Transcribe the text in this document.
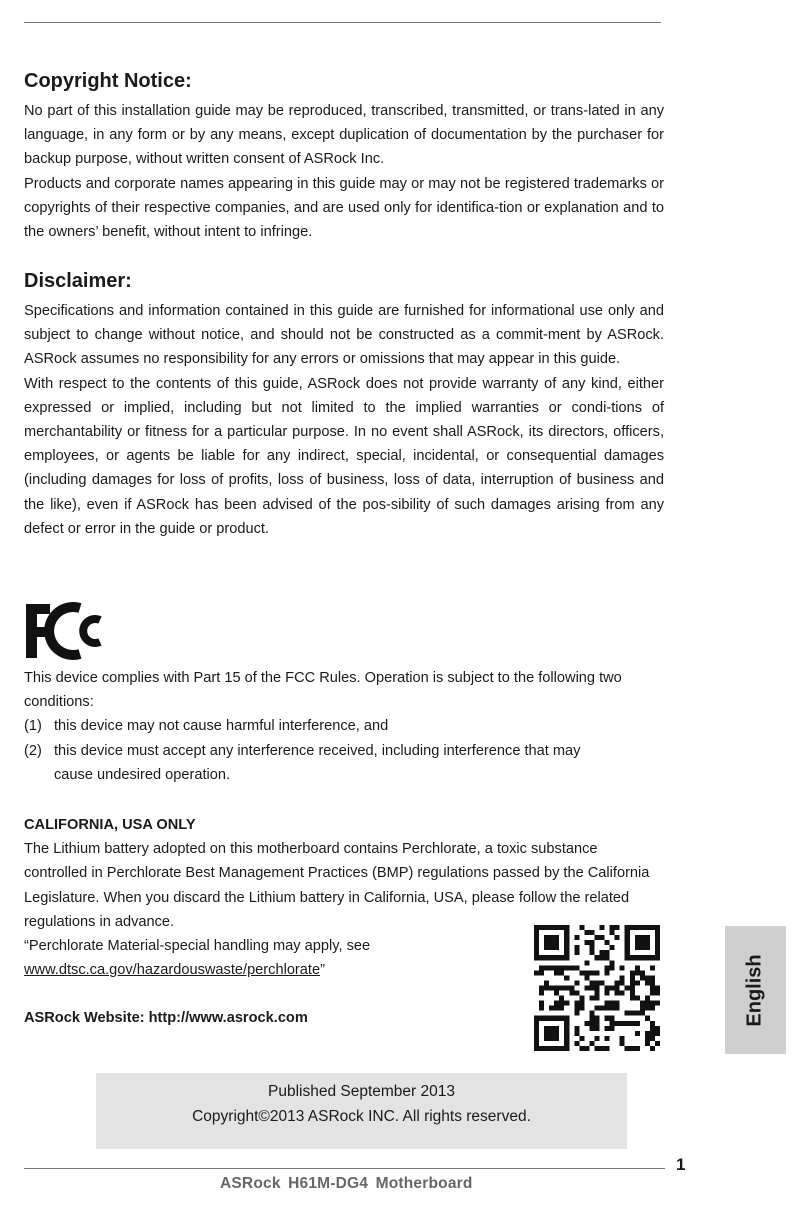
Copyright Notice:

No part of this installation guide may be reproduced, transcribed, transmitted, or trans-lated in any language, in any form or by any means, except duplication of documentation by the purchaser for backup purpose, without written consent of ASRock Inc.

Products and corporate names appearing in this guide may or may not be registered trademarks or copyrights of their respective companies, and are used only for identifica-tion or explanation and to the owners’ benefit, without intent to infringe.

Disclaimer:

Specifications and information contained in this guide are furnished for informational use only and subject to change without notice, and should not be constructed as a commit-ment by ASRock. ASRock assumes no responsibility for any errors or omissions that may appear in this guide.

With respect to the contents of this guide, ASRock does not provide warranty of any kind, either expressed or implied, including but not limited to the implied warranties or condi-tions of merchantability or fitness for a particular purpose. In no event shall ASRock, its directors, officers, employees, or agents be liable for any indirect, special, incidental, or consequential damages (including damages for loss of profits, loss of business, loss of data, interruption of business and the like), even if ASRock has been advised of the pos-sibility of such damages arising from any defect or error in the guide or product.

This device complies with Part 15 of the FCC Rules. Operation is subject to the following two conditions:

(1) this device may not cause harmful interference, and
(2) this device must accept any interference received, including interference that may cause undesired operation.

CALIFORNIA, USA ONLY

The Lithium battery adopted on this motherboard contains Perchlorate, a toxic substance controlled in Perchlorate Best Management Practices (BMP) regulations passed by the California Legislature. When you discard the Lithium battery in California, USA, please follow the related regulations in advance.

“Perchlorate Material-special handling may apply, see

www.dtsc.ca.gov/hazardouswaste/perchlorate”

ASRock Website: http://www.asrock.com	English
Published September 2013
Copyright©2013 ASRock INC. All rights reserved.
1
ASRock H61M-DG4 Motherboard
